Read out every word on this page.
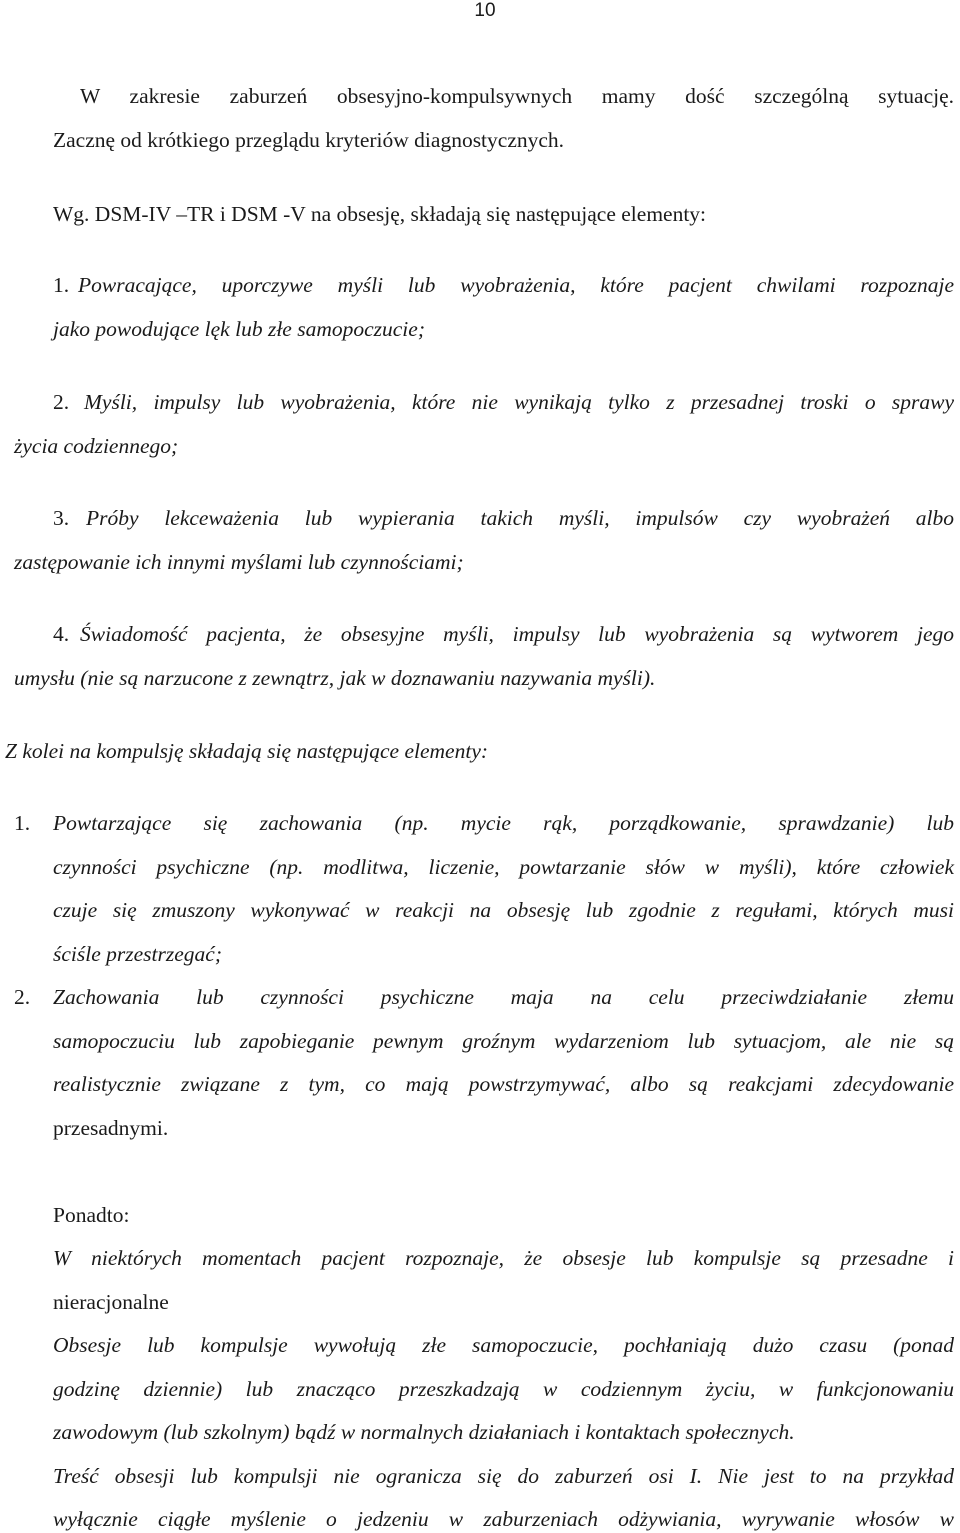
10
W zakresie zaburzeń obsesyjno-kompulsywnych mamy dość szczególną sytuację.
Zacznę od krótkiego przeglądu kryteriów diagnostycznych.
Wg. DSM-IV –TR i DSM -V na obsesję, składają się następujące elementy:
1. Powracające, uporczywe myśli lub wyobrażenia, które pacjent chwilami rozpoznaje
jako powodujące lęk lub złe samopoczucie;
2. Myśli, impulsy lub wyobrażenia, które nie wynikają tylko z przesadnej troski o sprawy
życia codziennego;
3. Próby lekceważenia lub wypierania takich myśli, impulsów czy wyobrażeń albo
zastępowanie ich innymi myślami lub czynnościami;
4. Świadomość pacjenta, że obsesyjne myśli, impulsy lub wyobrażenia są wytworem jego
umysłu (nie są narzucone z zewnątrz, jak w doznawaniu nazywania myśli).
Z kolei na kompulsję składają się następujące elementy:
1. Powtarzające się zachowania (np. mycie rąk, porządkowanie, sprawdzanie) lub
czynności psychiczne (np. modlitwa, liczenie, powtarzanie słów w myśli), które człowiek
czuje się zmuszony wykonywać w reakcji na obsesję lub zgodnie z regułami, których musi
ściśle przestrzegać;
2. Zachowania lub czynności psychiczne maja na celu przeciwdziałanie złemu
samopoczuciu lub zapobieganie pewnym groźnym wydarzeniom lub sytuacjom, ale nie są
realistycznie związane z tym, co mają powstrzymywać, albo są reakcjami zdecydowanie
przesadnymi.
Ponadto:
W niektórych momentach pacjent rozpoznaje, że obsesje lub kompulsje są przesadne i
nieracjonalne
Obsesje lub kompulsje wywołują złe samopoczucie, pochłaniają dużo czasu (ponad
godzinę dziennie) lub znacząco przeszkadzają w codziennym życiu, w funkcjonowaniu
zawodowym (lub szkolnym) bądź w normalnych działaniach i kontaktach społecznych.
Treść obsesji lub kompulsji nie ogranicza się do zaburzeń osi I. Nie jest to na przykład
wyłącznie ciągłe myślenie o jedzeniu w zaburzeniach odżywiania, wyrywanie włosów w
